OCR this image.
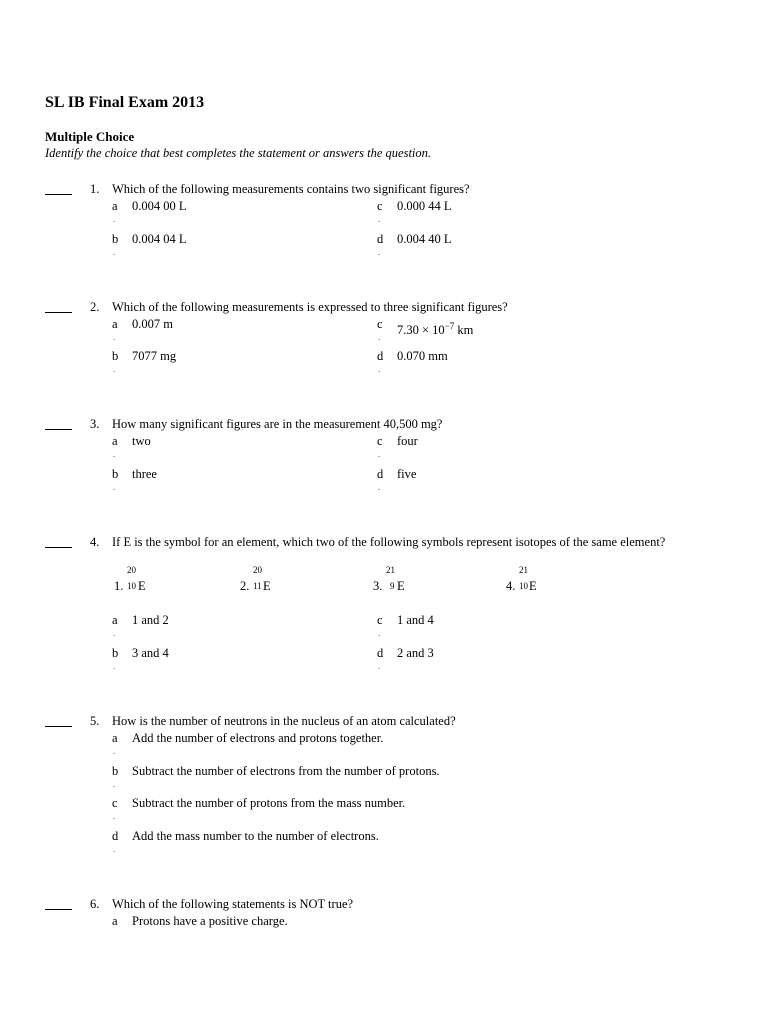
SL IB Final Exam 2013
Multiple Choice
Identify the choice that best completes the statement or answers the question.
1. Which of the following measurements contains two significant figures?
a
.
0.004 00 L
b
.
0.004 04 L
c
.
0.000 44 L
d
.
0.004 40 L
2. Which of the following measurements is expressed to three significant figures?
a
.
0.007 m
b
.
7077 mg
c
. $7.30 \times 10^{-7}$ km
d
.
0.070 mm
3. How many significant figures are in the measurement 40,500 mg?
a
.
two
b
.
three
c
.
four
d
.
five
4. If E is the symbol for an element, which two of the following symbols represent isotopes of the same element?
1.
20
10 E	2.
20
11 E	3.
21
9 E	4.
21
10 E
a
.
1 and 2
b
.
3 and 4
c
.
1 and 4
d
.
2 and 3
5. How is the number of neutrons in the nucleus of an atom calculated?
a
.
Add the number of electrons and protons together.
b
.
Subtract the number of electrons from the number of protons.
c
.
Subtract the number of protons from the mass number.
d
.
Add the mass number to the number of electrons.
6. Which of the following statements is NOT true?
a Protons have a positive charge.
